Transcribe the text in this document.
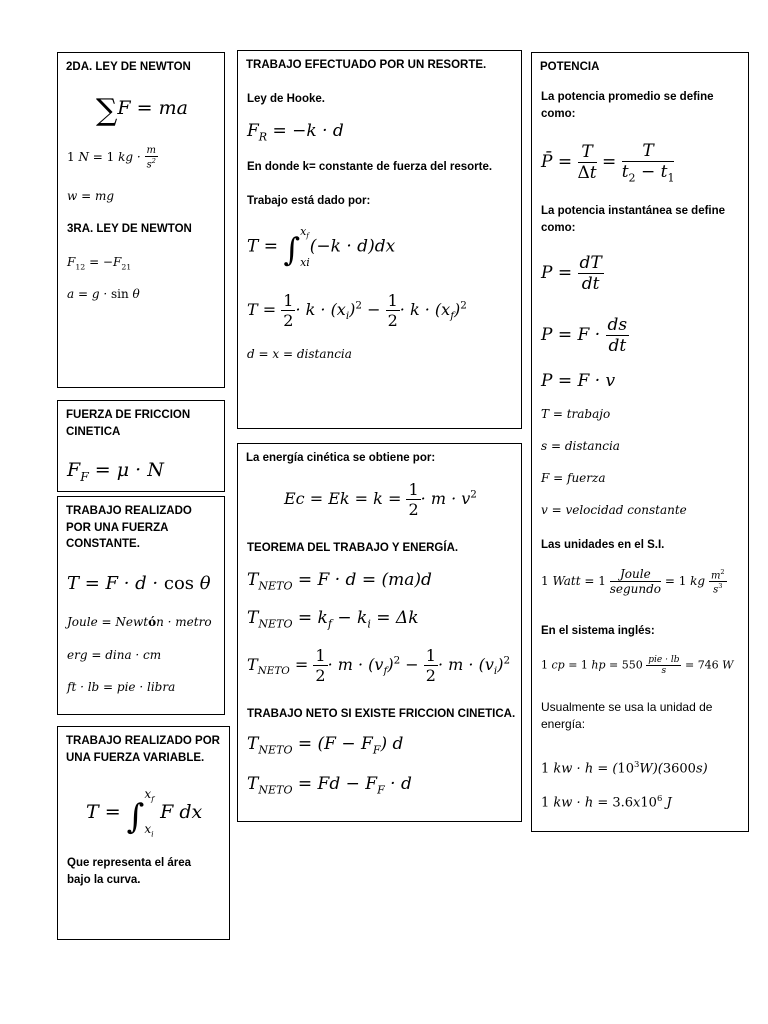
2DA. LEY DE NEWTON
∑F = ma
1 N = 1 kg · $\frac{m}{s^2}$
w = mg
3RA. LEY DE NEWTON
$F_{12} = -F_{21}$
a = g · sin θ
FUERZA DE FRICCION CINETICA
$F_F = \mu \cdot N$
TRABAJO REALIZADO POR UNA FUERZA CONSTANTE.
T = F · d · cos θ
Joule = Newtón · metro
erg = dina · cm
ft · lb = pie · libra
TRABAJO REALIZADO POR UNA FUERZA VARIABLE.
T = ∫
$x_f$
$x_i$
F dx
Que representa el área bajo la curva.
TRABAJO EFECTUADO POR UN RESORTE.
Ley de Hooke.
$F_R = -k \cdot d$
En donde k= constante de fuerza del resorte.
Trabajo está dado por:
T = ∫ $x_f$
xi
(−k · d)dx
$T = \frac{1}{2} \cdot k \cdot (x_i)^2 - \frac{1}{2} \cdot k \cdot (x_f)^2$
d = x = distancia
La energía cinética se obtiene por:
$Ec = Ek = k = \frac{1}{2} \cdot m \cdot v^2$
TEOREMA DEL TRABAJO Y ENERGÍA.
$T_{NETO} = F \cdot d = (ma)d$
$T_{NETO} = k_f - k_i = \Delta k$
$T_{NETO} = \frac{1}{2} \cdot m \cdot (v_f)^2 - \frac{1}{2} \cdot m \cdot (v_i)^2$
TRABAJO NETO SI EXISTE FRICCION CINETICA.
$T_{NETO} = (F - F_F)$ d
$T_{NETO} = Fd - F_F \cdot d$
POTENCIA
La potencia promedio se define como:
P̄ = $\frac{T}{\Delta t} = \frac{T}{t_2 - t_1}$
La potencia instantánea se define como:
$P = \frac{dT}{dt}$
$P = F \cdot \frac{ds}{dt}$
P = F · v
T = trabajo
s = distancia
F = fuerza
v = velocidad constante
Las unidades en el S.I.
1 Watt = $1 \frac{\text{Joule}}{\text{segundo}} = 1$ kg $\frac{m^2}{s^3}$
En el sistema inglés:
1 cp = 1 hp = $550 \frac{\text{pie · lb}}{s} = 746$ W
Usualmente se usa la unidad de energía:
1 kw · $h = (10^3W)(3600s)$
1 kw · $h = 3.6x10^6$ J
